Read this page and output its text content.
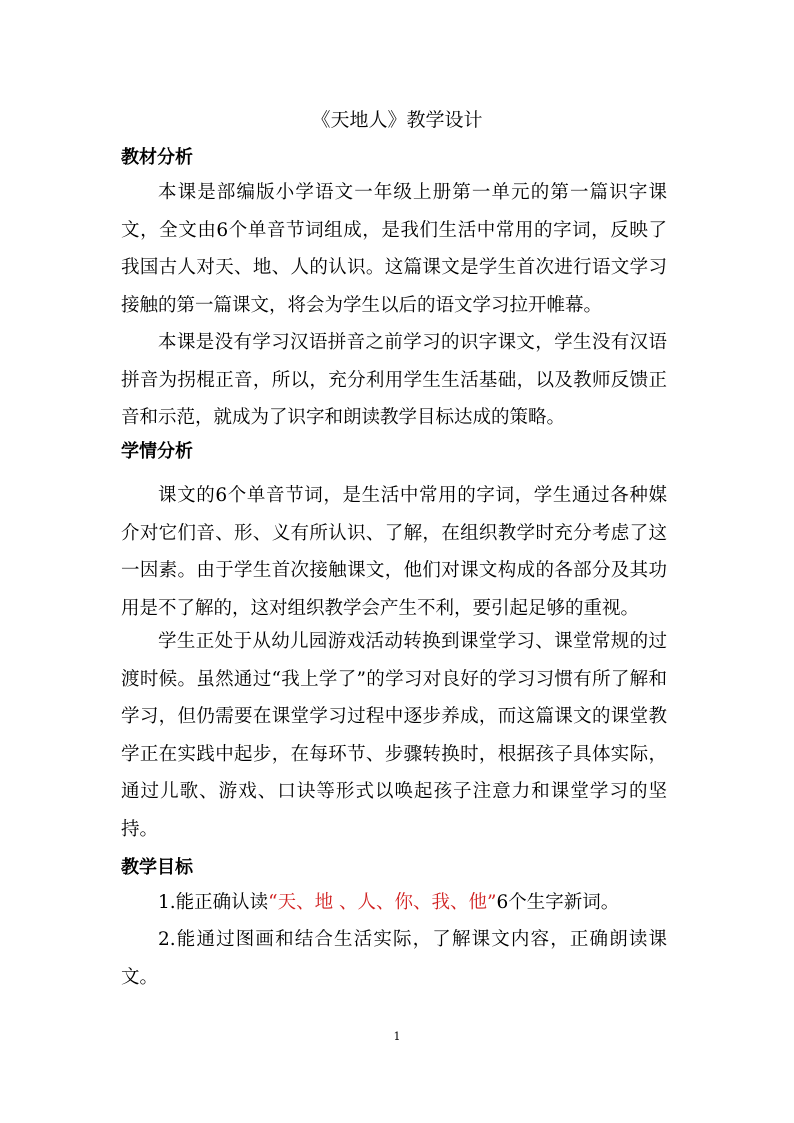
《天地人》教学设计
教材分析

本课是部编版小学语文一年级上册第一单元的第一篇识字课文，全文由6个单音节词组成，是我们生活中常用的字词，反映了我国古人对天、地、人的认识。这篇课文是学生首次进行语文学习接触的第一篇课文，将会为学生以后的语文学习拉开帷幕。

本课是没有学习汉语拼音之前学习的识字课文，学生没有汉语拼音为拐棍正音，所以，充分利用学生生活基础，以及教师反馈正音和示范，就成为了识字和朗读教学目标达成的策略。

学情分析

课文的6个单音节词，是生活中常用的字词，学生通过各种媒介对它们音、形、义有所认识、了解，在组织教学时充分考虑了这一因素。由于学生首次接触课文，他们对课文构成的各部分及其功用是不了解的，这对组织教学会产生不利，要引起足够的重视。

学生正处于从幼儿园游戏活动转换到课堂学习、课堂常规的过渡时候。虽然通过“我上学了”的学习对良好的学习习惯有所了解和学习，但仍需要在课堂学习过程中逐步养成，而这篇课文的课堂教学正在实践中起步，在每环节、步骤转换时，根据孩子具体实际，通过儿歌、游戏、口诀等形式以唤起孩子注意力和课堂学习的坚持。

教学目标

1.能正确认读“天、地 、人、你、我、他”6个生字新词。

2.能通过图画和结合生活实际，了解课文内容，正确朗读课文。

1
